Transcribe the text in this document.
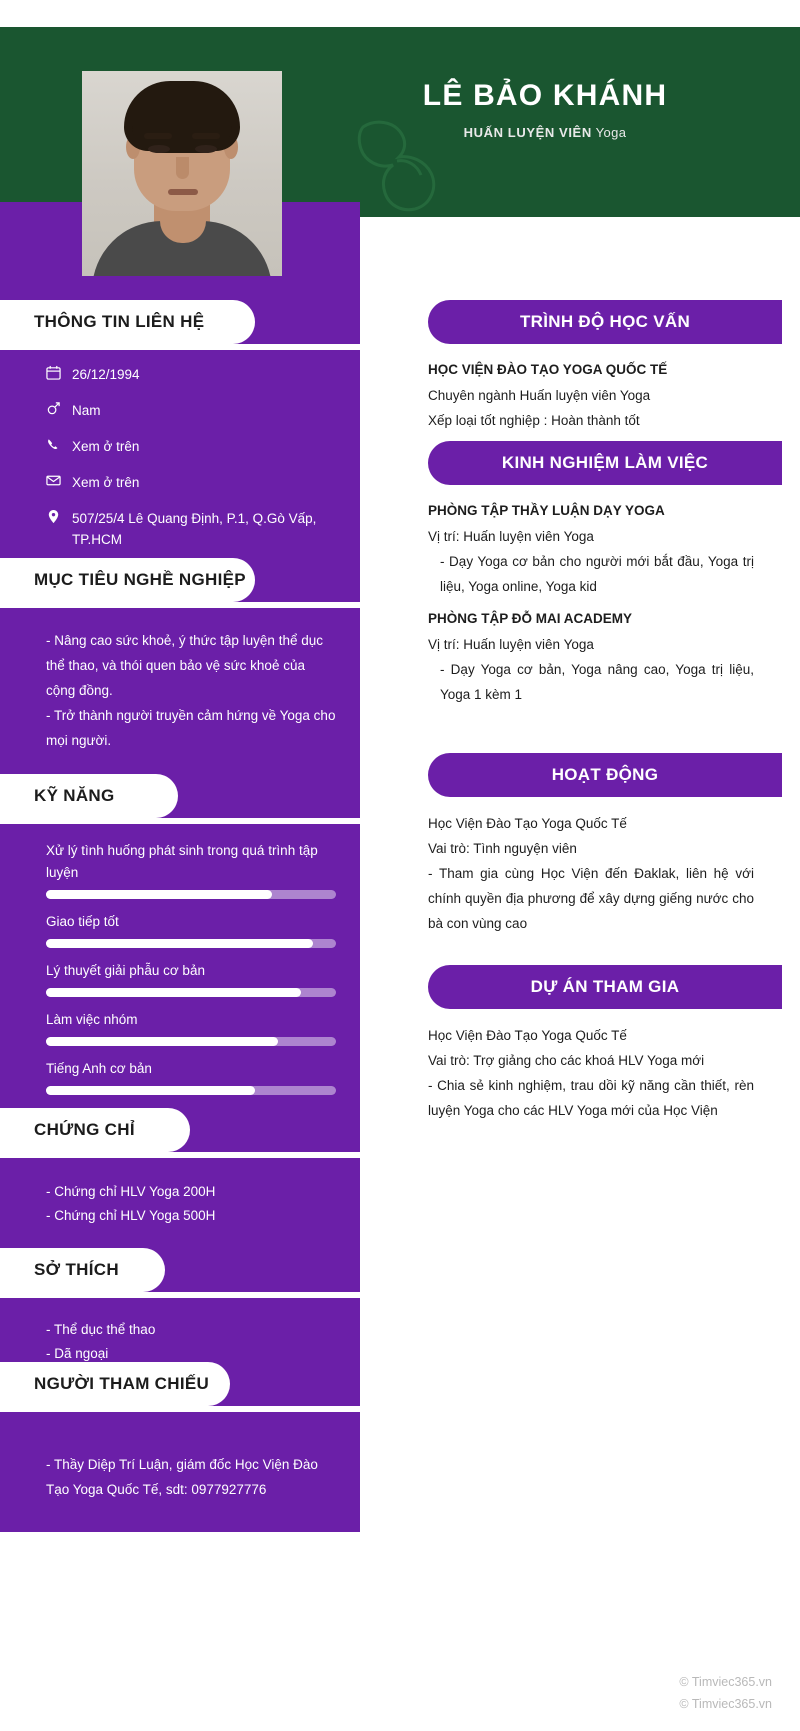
LÊ BẢO KHÁNH
HUẤN LUYỆN VIÊN Yoga
THÔNG TIN LIÊN HỆ
26/12/1994
Nam
Xem ở trên
Xem ở trên
507/25/4 Lê Quang Định, P.1, Q.Gò Vấp, TP.HCM
MỤC TIÊU NGHỀ NGHIỆP
- Nâng cao sức khoẻ, ý thức tập luyện thể dục thể thao, và thói quen bảo vệ sức khoẻ của cộng đồng.
- Trở thành người truyền cảm hứng về Yoga cho mọi người.
KỸ NĂNG
Xử lý tình huống phát sinh trong quá trình tập luyện
Giao tiếp tốt
Lý thuyết giải phẫu cơ bản
Làm việc nhóm
Tiếng Anh cơ bản
CHỨNG CHỈ
- Chứng chỉ HLV Yoga 200H
- Chứng chỉ HLV Yoga 500H
SỞ THÍCH
- Thể dục thể thao
- Dã ngoại
NGƯỜI THAM CHIẾU
- Thầy Diệp Trí Luận, giám đốc Học Viện Đào Tạo Yoga Quốc Tế, sdt: 0977927776
TRÌNH ĐỘ HỌC VẤN
HỌC VIỆN ĐÀO TẠO YOGA QUỐC TẾ
Chuyên ngành Huấn luyện viên Yoga
Xếp loại tốt nghiệp : Hoàn thành tốt
KINH NGHIỆM LÀM VIỆC
PHÒNG TẬP THẦY LUẬN DẠY YOGA
Vị trí: Huấn luyện viên Yoga
- Dạy Yoga cơ bản cho người mới bắt đầu, Yoga trị liệu, Yoga online, Yoga kid
PHÒNG TẬP ĐỖ MAI ACADEMY
Vị trí: Huấn luyện viên Yoga
- Dạy Yoga cơ bản, Yoga nâng cao, Yoga trị liệu, Yoga 1 kèm 1
HOẠT ĐỘNG
Học Viện Đào Tạo Yoga Quốc Tế
Vai trò: Tình nguyện viên
- Tham gia cùng Học Viện đến Đaklak, liên hệ với chính quyền địa phương để xây dựng giếng nước cho bà con vùng cao
DỰ ÁN THAM GIA
Học Viện Đào Tạo Yoga Quốc Tế
Vai trò: Trợ giảng cho các khoá HLV Yoga mới
- Chia sẻ kinh nghiệm, trau dồi kỹ năng cần thiết, rèn luyện Yoga cho các HLV Yoga mới của Học Viện
© Timviec365.vn
© Timviec365.vn
